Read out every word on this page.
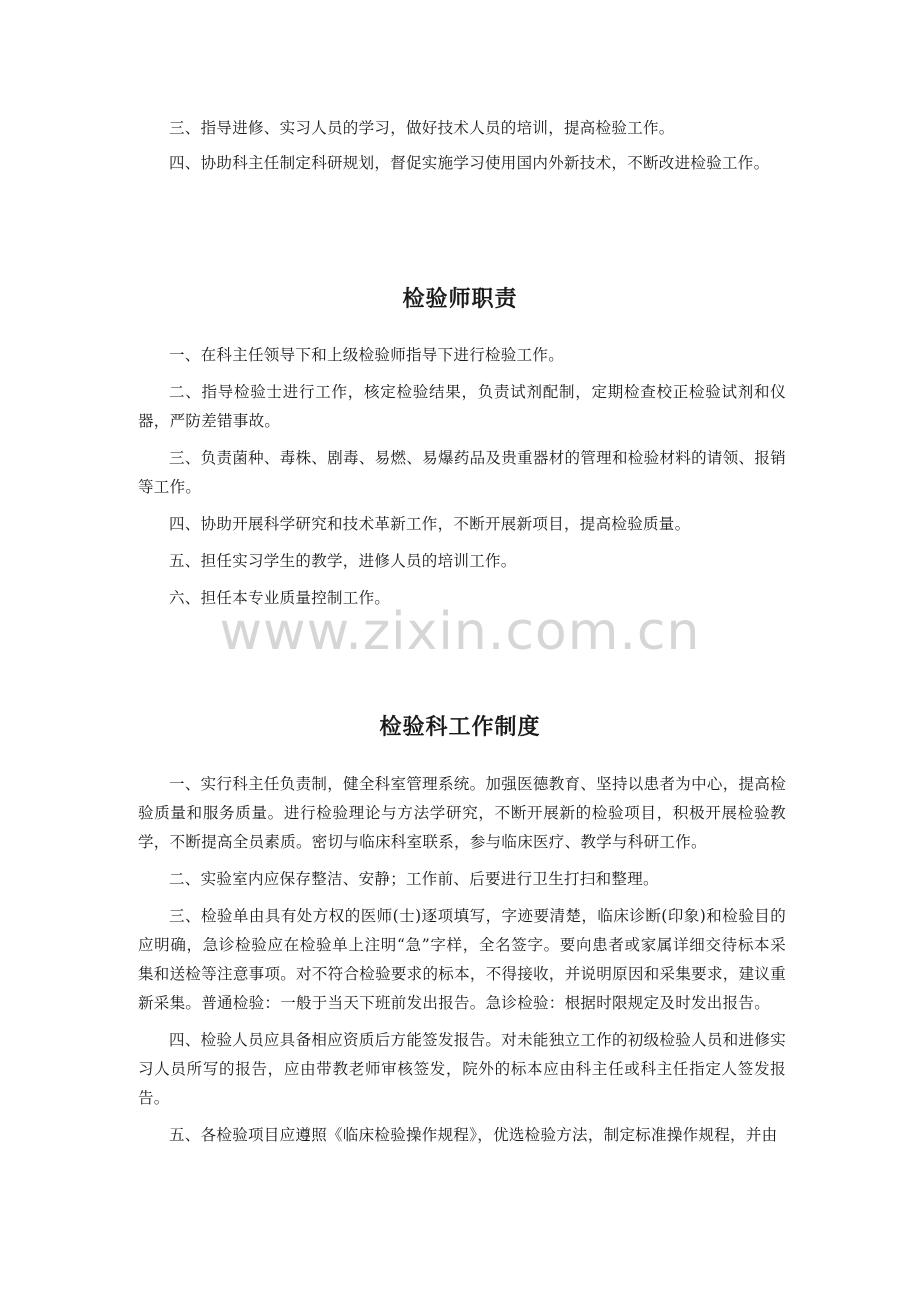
三、指导进修、实习人员的学习，做好技术人员的培训，提高检验工作。

四、协助科主任制定科研规划，督促实施学习使用国内外新技术，不断改进检验工作。

检验师职责

一、在科主任领导下和上级检验师指导下进行检验工作。

二、指导检验士进行工作，核定检验结果，负责试剂配制，定期检查校正检验试剂和仪器，严防差错事故。

三、负责菌种、毒株、剧毒、易燃、易爆药品及贵重器材的管理和检验材料的请领、报销等工作。

四、协助开展科学研究和技术革新工作，不断开展新项目，提高检验质量。

五、担任实习学生的教学，进修人员的培训工作。

六、担任本专业质量控制工作。

www.zixin.com.cn
检验科工作制度

一、实行科主任负责制，健全科室管理系统。加强医德教育、坚持以患者为中心，提高检验质量和服务质量。进行检验理论与方法学研究，不断开展新的检验项目，积极开展检验教学，不断提高全员素质。密切与临床科室联系，参与临床医疗、教学与科研工作。

二、实验室内应保存整洁、安静；工作前、后要进行卫生打扫和整理。

三、检验单由具有处方权的医师(士)逐项填写，字迹要清楚，临床诊断(印象)和检验目的应明确，急诊检验应在检验单上注明“急”字样，全名签字。要向患者或家属详细交待标本采集和送检等注意事项。对不符合检验要求的标本，不得接收，并说明原因和采集要求，建议重新采集。普通检验：一般于当天下班前发出报告。急诊检验：根据时限规定及时发出报告。

四、检验人员应具备相应资质后方能签发报告。对未能独立工作的初级检验人员和进修实习人员所写的报告，应由带教老师审核签发，院外的标本应由科主任或科主任指定人签发报告。

五、各检验项目应遵照《临床检验操作规程》，优选检验方法，制定标准操作规程，并由
